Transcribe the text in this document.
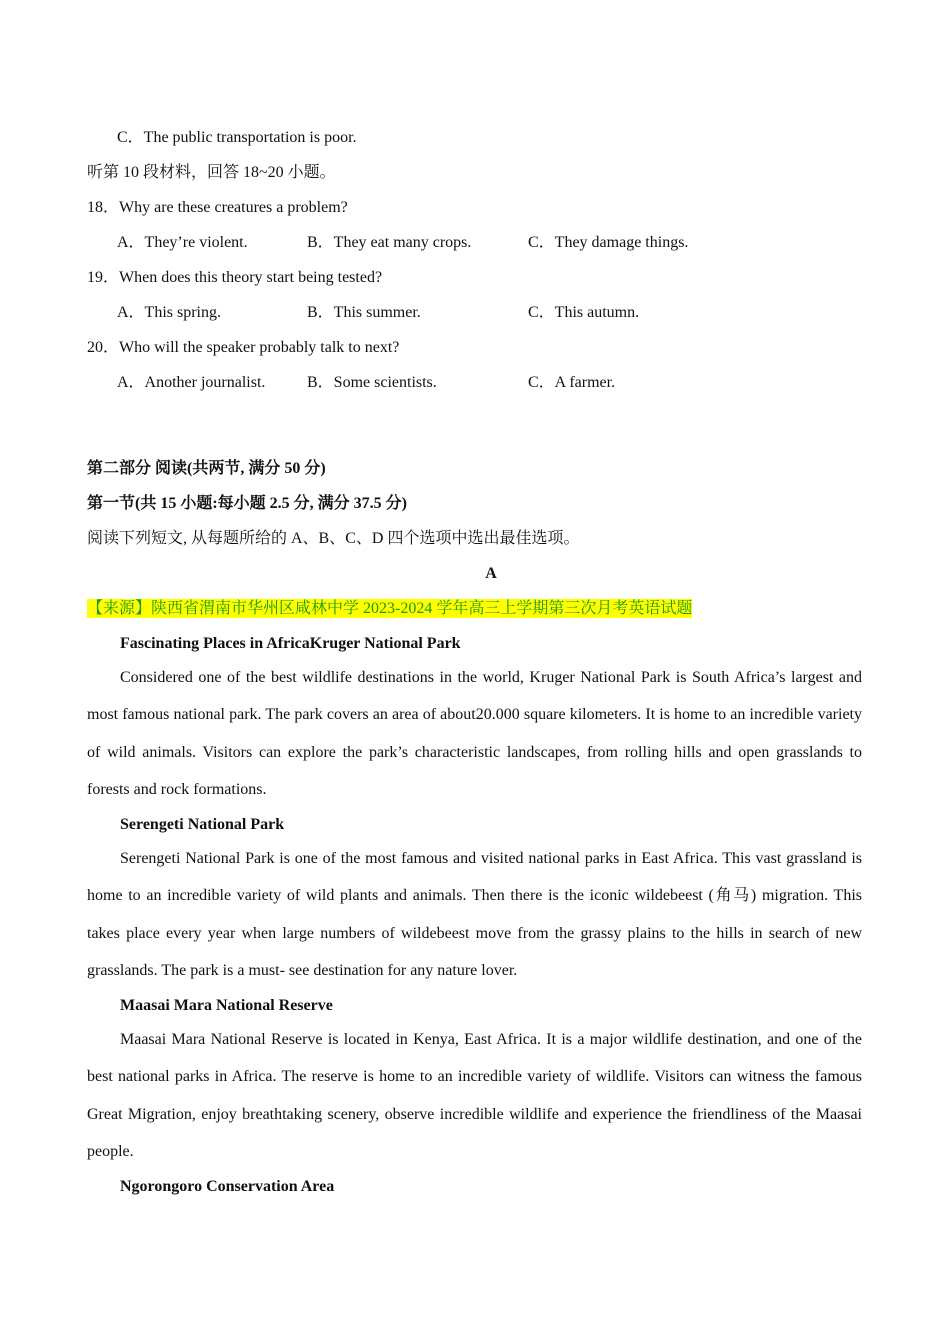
C．The public transportation is poor.
听第 10 段材料，回答 18~20 小题。
18．Why are these creatures a problem?
A．They’re violent.	B．They eat many crops.	C．They damage things.
19．When does this theory start being tested?
A．This spring.	B．This summer.	C．This autumn.
20．Who will the speaker probably talk to next?
A．Another journalist.	B．Some scientists.	C．A farmer.
第二部分 阅读(共两节, 满分 50 分)
第一节(共 15 小题:每小题 2.5 分, 满分 37.5 分)
阅读下列短文, 从每题所给的 A、B、C、D 四个选项中选出最佳选项。
A
【来源】陕西省渭南市华州区咸林中学 2023-2024 学年高三上学期第三次月考英语试题
Fascinating Places in AfricaKruger National Park
Considered one of the best wildlife destinations in the world, Kruger National Park is South Africa’s largest and most famous national park. The park covers an area of about20.000 square kilometers. It is home to an incredible variety of wild animals. Visitors can explore the park’s characteristic landscapes, from rolling hills and open grasslands to forests and rock formations.
Serengeti National Park
Serengeti National Park is one of the most famous and visited national parks in East Africa. This vast grassland is home to an incredible variety of wild plants and animals. Then there is the iconic wildebeest (角马) migration. This takes place every year when large numbers of wildebeest move from the grassy plains to the hills in search of new grasslands. The park is a must- see destination for any nature lover.
Maasai Mara National Reserve
Maasai Mara National Reserve is located in Kenya, East Africa. It is a major wildlife destination, and one of the best national parks in Africa. The reserve is home to an incredible variety of wildlife. Visitors can witness the famous Great Migration, enjoy breathtaking scenery, observe incredible wildlife and experience the friendliness of the Maasai people.
Ngorongoro Conservation Area
